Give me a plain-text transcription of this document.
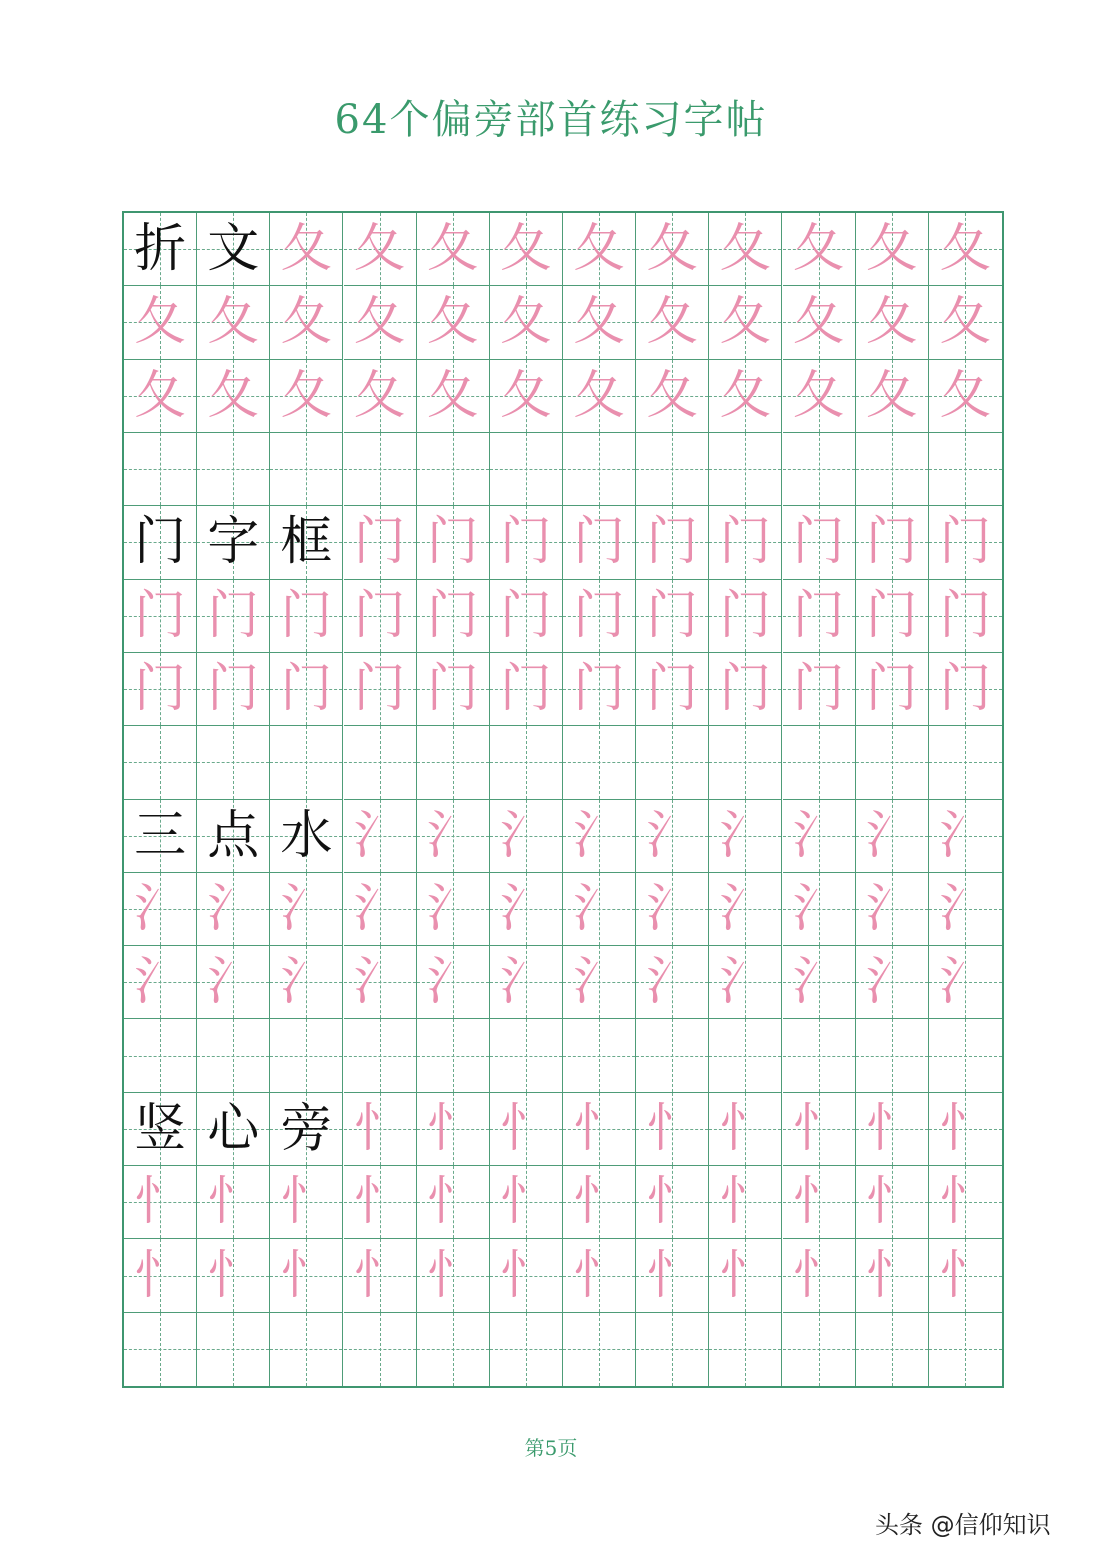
64个偏旁部首练习字帖
折 文 夂 夂 夂 夂 夂 夂 夂 夂 夂 夂
夂 夂 夂 夂 夂 夂 夂 夂 夂 夂 夂 夂
夂 夂 夂 夂 夂 夂 夂 夂 夂 夂 夂 夂
门 字 框 门 门 门 门 门 门 门 门 门
门 门 门 门 门 门 门 门 门 门 门 门
门 门 门 门 门 门 门 门 门 门 门 门
三 点 水 氵 氵 氵 氵 氵 氵 氵 氵 氵
氵 氵 氵 氵 氵 氵 氵 氵 氵 氵 氵 氵
氵 氵 氵 氵 氵 氵 氵 氵 氵 氵 氵 氵
竖 心 旁 忄 忄 忄 忄 忄 忄 忄 忄 忄
忄 忄 忄 忄 忄 忄 忄 忄 忄 忄 忄 忄
忄 忄 忄 忄 忄 忄 忄 忄 忄 忄 忄 忄
第5页
头条 @信仰知识
